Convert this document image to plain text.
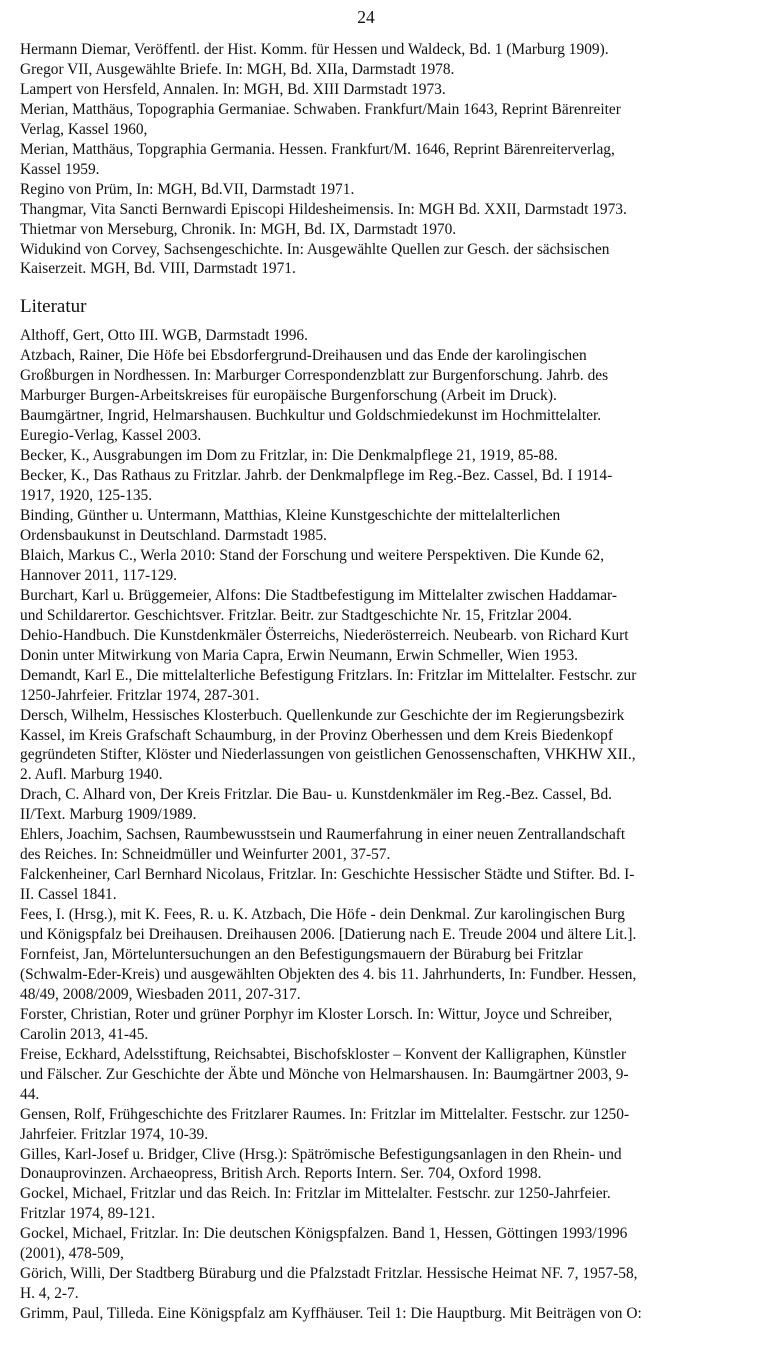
24

Hermann Diemar, Veröffentl. der Hist. Komm. für Hessen und Waldeck, Bd. 1 (Marburg 1909).

Gregor VII, Ausgewählte Briefe. In: MGH, Bd. XIIa, Darmstadt 1978.

Lampert von Hersfeld, Annalen. In: MGH, Bd. XIII Darmstadt 1973.

Merian, Matthäus, Topographia Germaniae. Schwaben. Frankfurt/Main 1643, Reprint Bärenreiter
Verlag, Kassel 1960,

Merian, Matthäus, Topgraphia Germania. Hessen. Frankfurt/M. 1646, Reprint Bärenreiterverlag,
Kassel 1959.

Regino von Prüm, In: MGH, Bd.VII, Darmstadt 1971.

Thangmar, Vita Sancti Bernwardi Episcopi Hildesheimensis. In: MGH Bd. XXII, Darmstadt 1973.

Thietmar von Merseburg, Chronik. In: MGH, Bd. IX, Darmstadt 1970.

Widukind von Corvey, Sachsengeschichte. In: Ausgewählte Quellen zur Gesch. der sächsischen
Kaiserzeit. MGH, Bd. VIII, Darmstadt 1971.

Literatur

Althoff, Gert, Otto III. WGB, Darmstadt 1996.

Atzbach, Rainer, Die Höfe bei Ebsdorfergrund-Dreihausen und das Ende der karolingischen
Großburgen in Nordhessen. In: Marburger Correspondenzblatt zur Burgenforschung. Jahrb. des
Marburger Burgen-Arbeitskreises für europäische Burgenforschung (Arbeit im Druck).

Baumgärtner, Ingrid, Helmarshausen. Buchkultur und Goldschmiedekunst im Hochmittelalter.
Euregio-Verlag, Kassel 2003.

Becker, K., Ausgrabungen im Dom zu Fritzlar, in: Die Denkmalpflege 21, 1919, 85-88.

Becker, K., Das Rathaus zu Fritzlar. Jahrb. der Denkmalpflege im Reg.-Bez. Cassel, Bd. I 1914-
1917, 1920, 125-135.

Binding, Günther u. Untermann, Matthias, Kleine Kunstgeschichte der mittelalterlichen
Ordensbaukunst in Deutschland. Darmstadt 1985.

Blaich, Markus C., Werla 2010: Stand der Forschung und weitere Perspektiven. Die Kunde 62,
Hannover 2011, 117-129.

Burchart, Karl u. Brüggemeier, Alfons: Die Stadtbefestigung im Mittelalter zwischen Haddamar-
und Schildarertor. Geschichtsver. Fritzlar. Beitr. zur Stadtgeschichte Nr. 15, Fritzlar 2004.

Dehio-Handbuch. Die Kunstdenkmäler Österreichs, Niederösterreich. Neubearb. von Richard Kurt
Donin unter Mitwirkung von Maria Capra, Erwin Neumann, Erwin Schmeller, Wien 1953.

Demandt, Karl E., Die mittelalterliche Befestigung Fritzlars. In: Fritzlar im Mittelalter. Festschr. zur
1250-Jahrfeier. Fritzlar 1974, 287-301.

Dersch, Wilhelm, Hessisches Klosterbuch. Quellenkunde zur Geschichte der im Regierungsbezirk
Kassel, im Kreis Grafschaft Schaumburg, in der Provinz Oberhessen und dem Kreis Biedenkopf
gegründeten Stifter, Klöster und Niederlassungen von geistlichen Genossenschaften, VHKHW XII.,
2. Aufl. Marburg 1940.

Drach, C. Alhard von, Der Kreis Fritzlar. Die Bau- u. Kunstdenkmäler im Reg.-Bez. Cassel, Bd.
II/Text. Marburg 1909/1989.

Ehlers, Joachim, Sachsen, Raumbewusstsein und Raumerfahrung in einer neuen Zentrallandschaft
des Reiches. In: Schneidmüller und Weinfurter 2001, 37-57.

Falckenheiner, Carl Bernhard Nicolaus, Fritzlar. In: Geschichte Hessischer Städte und Stifter. Bd. I-
II. Cassel 1841.

Fees, I. (Hrsg.), mit K. Fees, R. u. K. Atzbach, Die Höfe - dein Denkmal. Zur karolingischen Burg
und Königspfalz bei Dreihausen. Dreihausen 2006. [Datierung nach E. Treude 2004 und ältere Lit.].

Fornfeist, Jan, Mörteluntersuchungen an den Befestigungsmauern der Büraburg bei Fritzlar
(Schwalm-Eder-Kreis) und ausgewählten Objekten des 4. bis 11. Jahrhunderts, In: Fundber. Hessen,
48/49, 2008/2009, Wiesbaden 2011, 207-317.

Forster, Christian, Roter und grüner Porphyr im Kloster Lorsch. In: Wittur, Joyce und Schreiber,
Carolin 2013, 41-45.

Freise, Eckhard, Adelsstiftung, Reichsabtei, Bischofskloster – Konvent der Kalligraphen, Künstler
und Fälscher. Zur Geschichte der Äbte und Mönche von Helmarshausen. In: Baumgärtner 2003, 9-
44.

Gensen, Rolf, Frühgeschichte des Fritzlarer Raumes. In: Fritzlar im Mittelalter. Festschr. zur 1250-
Jahrfeier. Fritzlar 1974, 10-39.

Gilles, Karl-Josef u. Bridger, Clive (Hrsg.): Spätrömische Befestigungsanlagen in den Rhein- und
Donauprovinzen. Archaeopress, British Arch. Reports Intern. Ser. 704, Oxford 1998.

Gockel, Michael, Fritzlar und das Reich. In: Fritzlar im Mittelalter. Festschr. zur 1250-Jahrfeier.
Fritzlar 1974, 89-121.

Gockel, Michael, Fritzlar. In: Die deutschen Königspfalzen. Band 1, Hessen, Göttingen 1993/1996
(2001), 478-509,

Görich, Willi, Der Stadtberg Büraburg und die Pfalzstadt Fritzlar. Hessische Heimat NF. 7, 1957-58,
H. 4, 2-7.

Grimm, Paul, Tilleda. Eine Königspfalz am Kyffhäuser. Teil 1: Die Hauptburg. Mit Beiträgen von O:
